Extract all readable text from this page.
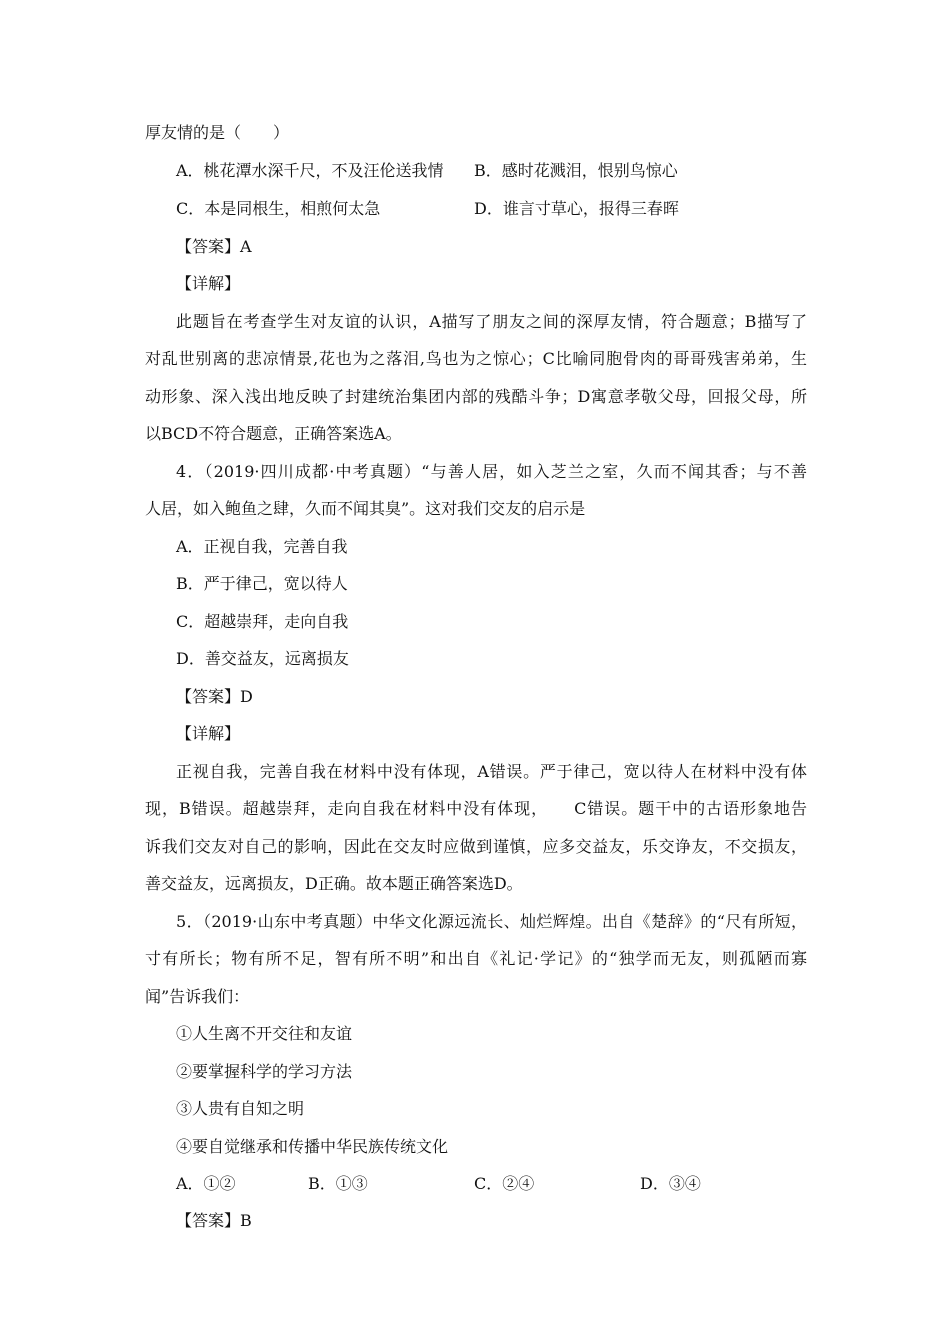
厚友情的是（　　）
A．桃花潭水深千尺，不及汪伦送我情 B．感时花溅泪，恨别鸟惊心
C．本是同根生，相煎何太急	D．谁言寸草心，报得三春晖
【答案】A
【详解】
此题旨在考查学生对友谊的认识，A描写了朋友之间的深厚友情，符合题意；B描写了
对乱世别离的悲凉情景,花也为之落泪,鸟也为之惊心；C比喻同胞骨肉的哥哥残害弟弟，生
动形象、深入浅出地反映了封建统治集团内部的残酷斗争；D寓意孝敬父母，回报父母，所
以BCD不符合题意，正确答案选A。
4．（2019·四川成都·中考真题）“与善人居，如入芝兰之室，久而不闻其香；与不善
人居，如入鲍鱼之肆，久而不闻其臭”。这对我们交友的启示是
A．正视自我，完善自我
B．严于律己，宽以待人
C．超越崇拜，走向自我
D．善交益友，远离损友
【答案】D
【详解】
正视自我，完善自我在材料中没有体现，A错误。严于律己，宽以待人在材料中没有体
现，B错误。超越崇拜，走向自我在材料中没有体现，　　C错误。题干中的古语形象地告
诉我们交友对自己的影响，因此在交友时应做到谨慎，应多交益友，乐交诤友，不交损友，
善交益友，远离损友，D正确。故本题正确答案选D。
5．（2019·山东中考真题）中华文化源远流长、灿烂辉煌。出自《楚辞》的“尺有所短，
寸有所长；物有所不足，智有所不明”和出自《礼记·学记》的“独学而无友，则孤陋而寡
闻”告诉我们：
①人生离不开交往和友谊
②要掌握科学的学习方法
③人贵有自知之明
④要自觉继承和传播中华民族传统文化
A．①②	B．①③	C．②④	D．③④
【答案】B
